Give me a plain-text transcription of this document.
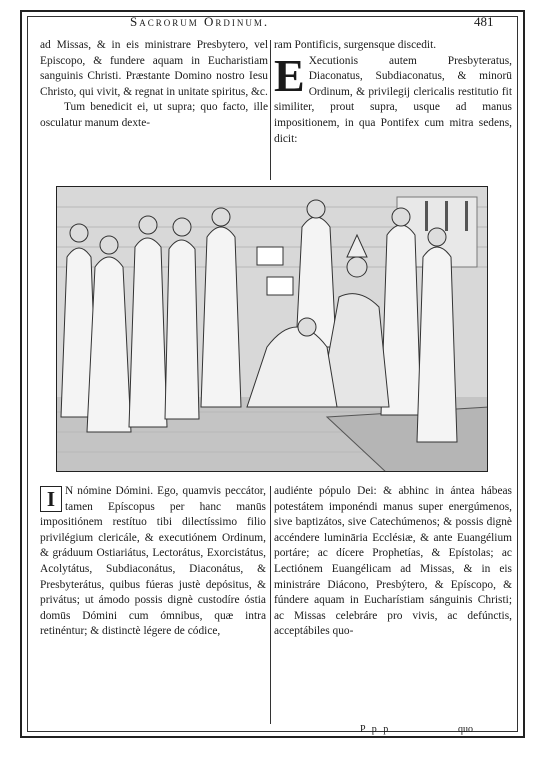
Sacrorum Ordinum.	481

ad Missas, & in eis ministrare Presbytero, vel Episcopo, & fundere aquam in Eucharistiam sanguinis Christi. Præstante Domino nostro Iesu Christo, qui vivit, & regnat in unitate spiritus, &c.

Tum benedicit ei, ut supra; quo facto, ille osculatur manum dexte-

ram Pontificis, surgensque discedit.

E Xecutionis autem Presbyteratus, Diaconatus, Subdiaconatus, & minorū Ordinum, & privilegij clericalis restitutio fit similiter, prout supra, usque ad manus impositionem, in qua Pontifex cum mitra sedens, dicit:

I N nómine Dómini. Ego, quamvis peccátor, tamen Epíscopus per hanc manūs impositiónem restítuo tibi dilectíssimo filio privilégium clericále, & executiónem Ordinum, & gráduum Ostiariátus, Lectorátus, Exorcistátus, Acolytátus, Subdiaconátus, Diaconátus, & Presbyterátus, quibus fúeras justè depósitus, & privátus; ut ámodo possis dignè custodíre óstia domūs Dómini cum ómnibus, quæ intra retinéntur; & distinctè légere de códice,

audiénte pópulo Dei: & abhinc in ántea hábeas potestátem imponéndi manus super energúmenos, sive baptizátos, sive Catechúmenos; & possis dignè accéndere lumināria Ecclésiæ, & ante Euangélium portáre; ac dícere Prophetías, & Epístolas; ac Lectiónem Euangélicam ad Missas, & in eis ministráre Diácono, Presbýtero, & Epíscopo, & fúndere aquam in Eucharístiam sánguinis Christi; ac Missas celebráre pro vivis, ac defúnctis, acceptábiles quo-

P p p	quo
